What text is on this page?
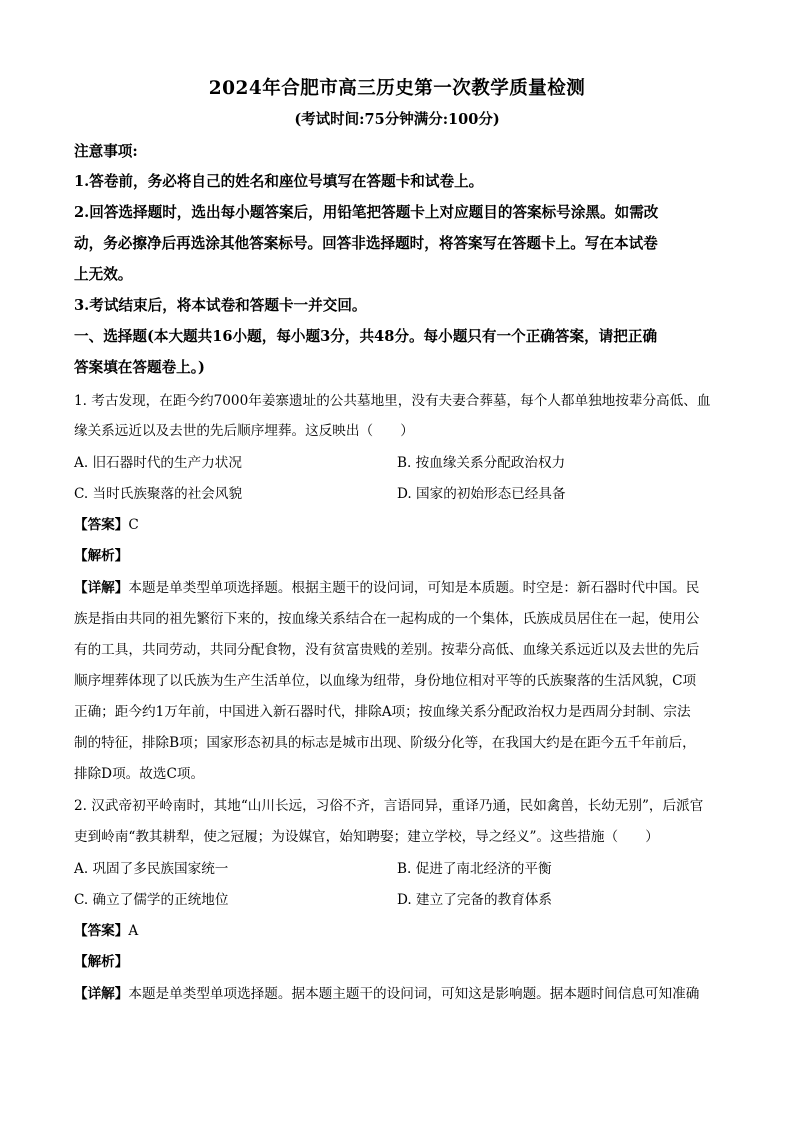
2024年合肥市高三历史第一次教学质量检测
(考试时间:75分钟满分:100分)
注意事项:
1.答卷前，务必将自己的姓名和座位号填写在答题卡和试卷上。
2.回答选择题时，选出每小题答案后，用铅笔把答题卡上对应题目的答案标号涂黑。如需改
动，务必擦净后再选涂其他答案标号。回答非选择题时，将答案写在答题卡上。写在本试卷
上无效。
3.考试结束后，将本试卷和答题卡一并交回。
一、选择题(本大题共16小题，每小题3分，共48分。每小题只有一个正确答案，请把正确
答案填在答题卷上。)
1. 考古发现，在距今约7000年姜寨遗址的公共墓地里，没有夫妻合葬墓，每个人都单独地按辈分高低、血
缘关系远近以及去世的先后顺序埋葬。这反映出（　　）
A. 旧石器时代的生产力状况	B. 按血缘关系分配政治权力
C. 当时氏族聚落的社会风貌	D. 国家的初始形态已经具备
【答案】C
【解析】
【详解】本题是单类型单项选择题。根据主题干的设问词，可知是本质题。时空是：新石器时代中国。民
族是指由共同的祖先繁衍下来的，按血缘关系结合在一起构成的一个集体，氏族成员居住在一起，使用公
有的工具，共同劳动，共同分配食物，没有贫富贵贱的差别。按辈分高低、血缘关系远近以及去世的先后
顺序埋葬体现了以氏族为生产生活单位，以血缘为纽带，身份地位相对平等的氏族聚落的生活风貌，C项
正确；距今约1万年前，中国进入新石器时代，排除A项；按血缘关系分配政治权力是西周分封制、宗法
制的特征，排除B项；国家形态初具的标志是城市出现、阶级分化等，在我国大约是在距今五千年前后，
排除D项。故选C项。
2. 汉武帝初平岭南时，其地“山川长远，习俗不齐，言语同异，重译乃通，民如禽兽，长幼无别”，后派官
吏到岭南“教其耕犁，使之冠履；为设媒官，始知聘娶；建立学校，导之经义”。这些措施（　　）
A. 巩固了多民族国家统一	B. 促进了南北经济的平衡
C. 确立了儒学的正统地位	D. 建立了完备的教育体系
【答案】A
【解析】
【详解】本题是单类型单项选择题。据本题主题干的设问词，可知这是影响题。据本题时间信息可知准确
